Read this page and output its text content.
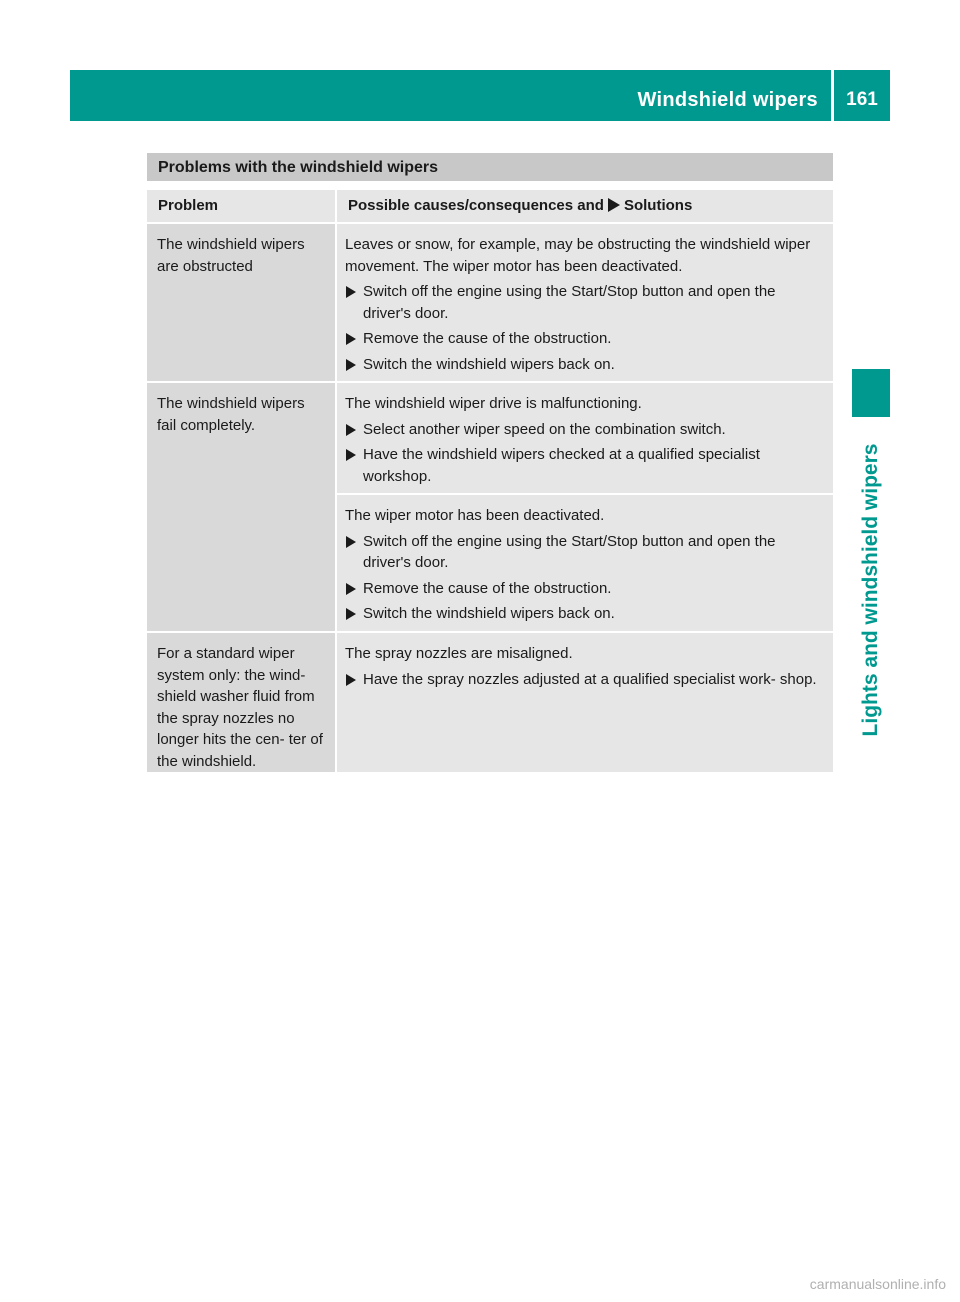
Windshield wipers	161
Lights and windshield wipers
Problems with the windshield wipers
Problem	Possible causes/consequences and Solutions
The windshield wipers are obstructed
Leaves or snow, for example, may be obstructing the windshield wiper movement. The wiper motor has been deactivated.
Switch off the engine using the Start/Stop button and open the driver's door.
Remove the cause of the obstruction.
Switch the windshield wipers back on.
The windshield wipers fail completely.
The windshield wiper drive is malfunctioning.
Select another wiper speed on the combination switch.
Have the windshield wipers checked at a qualified specialist workshop.
The wiper motor has been deactivated.
Switch off the engine using the Start/Stop button and open the driver's door.
Remove the cause of the obstruction.
Switch the windshield wipers back on.
For a standard wiper system only: the wind- shield washer fluid from the spray nozzles no longer hits the cen- ter of the windshield.
The spray nozzles are misaligned.
Have the spray nozzles adjusted at a qualified specialist work- shop.
carmanualsonline.info
